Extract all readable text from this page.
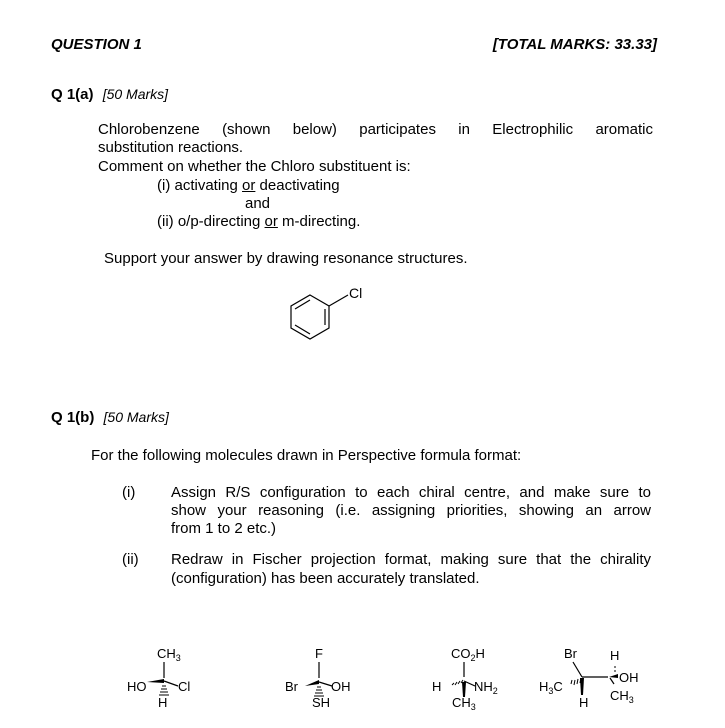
QUESTION 1	[TOTAL MARKS: 33.33]
Q 1(a) [50 Marks]
Chlorobenzene (shown below) participates in Electrophilic aromatic
substitution reactions.
Comment on whether the Chloro substituent is:
(i) activating or deactivating
and
(ii) o/p-directing or m-directing.
Support your answer by drawing resonance structures.
Cl
Q 1(b) [50 Marks]
For the following molecules drawn in Perspective formula format:
(i) Assign R/S configuration to each chiral centre, and make sure to
show your reasoning (i.e. assigning priorities, showing an arrow
from 1 to 2 etc.)
(ii) Redraw in Fischer projection format, making sure that the chirality
(configuration) has been accurately translated.
$CH_3$
HO Cl
H
F
Br	OH
SH
$CO_2H$
H	$NH_2$
$CH_3$
Br
$H_3C$
H
H
OH
$CH_3$
